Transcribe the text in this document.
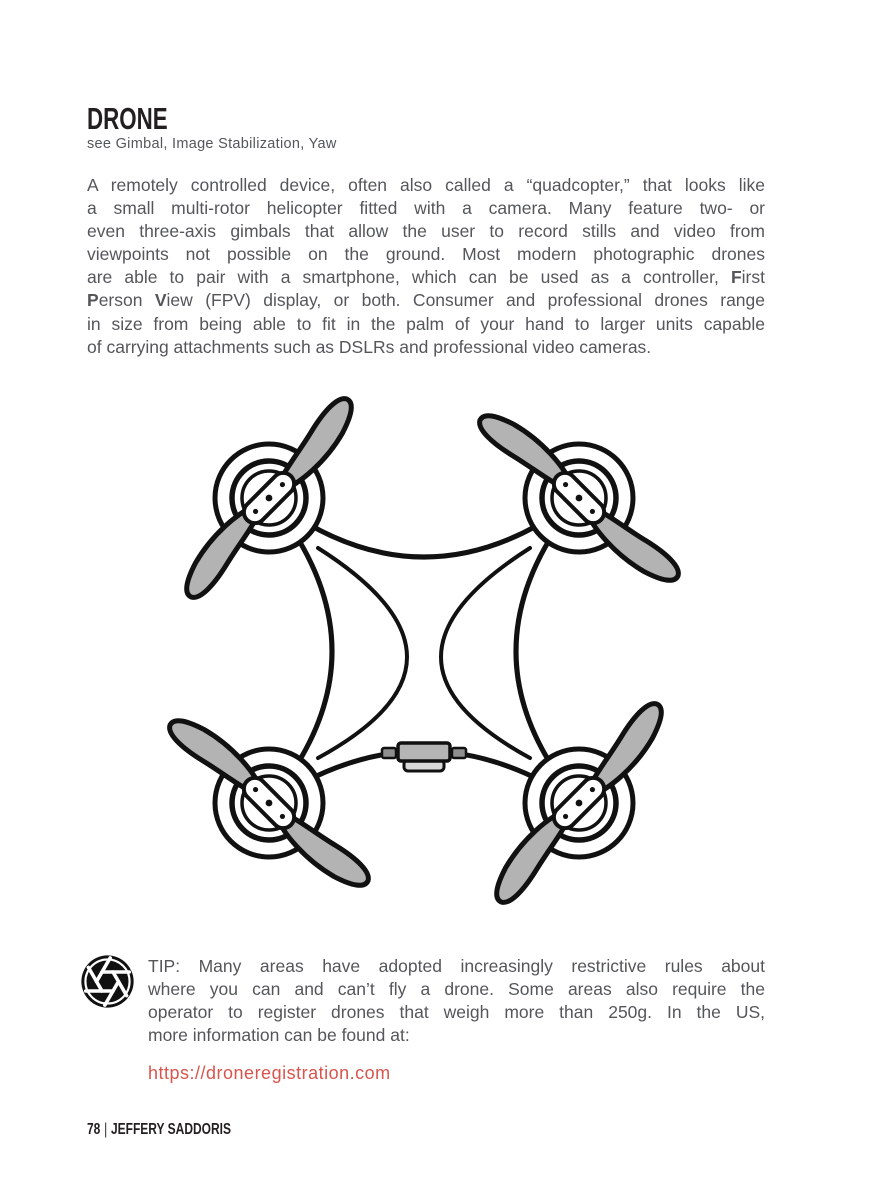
DRONE
see Gimbal, Image Stabilization, Yaw
A remotely controlled device, often also called a “quadcopter,” that looks like
a small multi-rotor helicopter fitted with a camera. Many feature two- or
even three-axis gimbals that allow the user to record stills and video from
viewpoints not possible on the ground. Most modern photographic drones
are able to pair with a smartphone, which can be used as a controller, First
Person View (FPV) display, or both. Consumer and professional drones range
in size from being able to fit in the palm of your hand to larger units capable
of carrying attachments such as DSLRs and professional video cameras.
TIP: Many areas have adopted increasingly restrictive rules about
where you can and can’t fly a drone. Some areas also require the
operator to register drones that weigh more than 250g. In the US,
more information can be found at:
https://droneregistration.com
78 | JEFFERY SADDORIS
